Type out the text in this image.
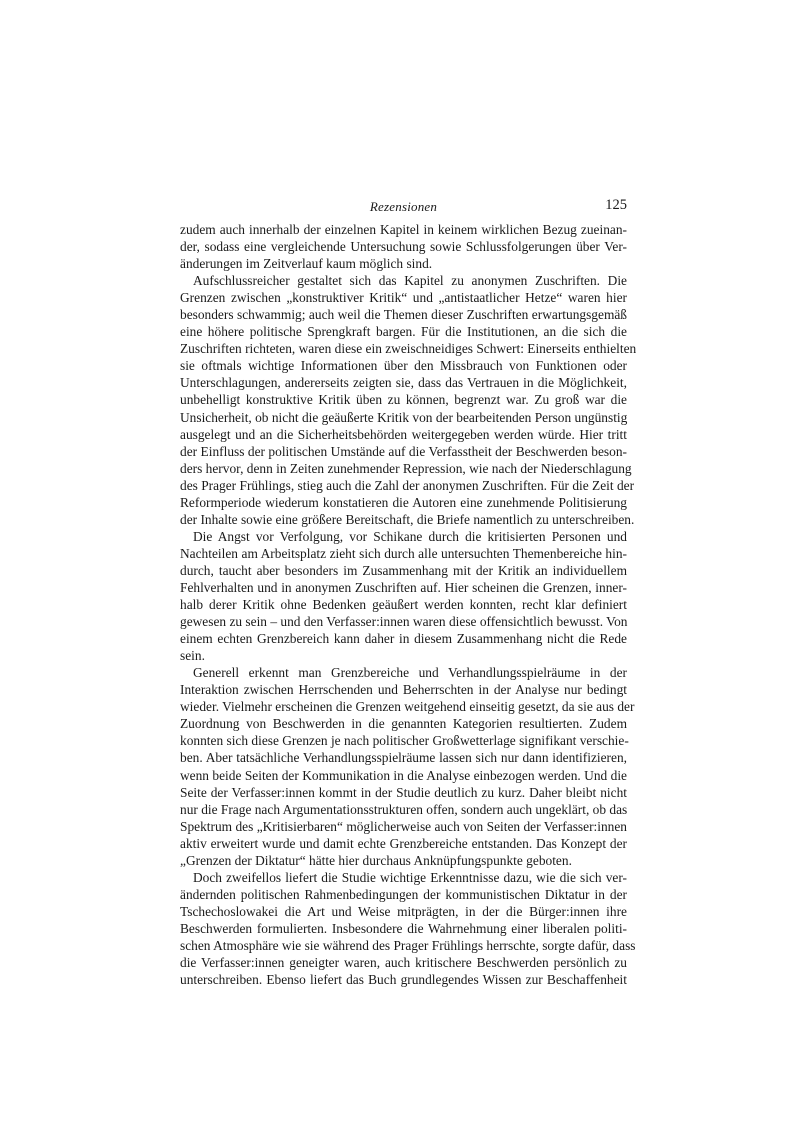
Rezensionen	125
zudem auch innerhalb der einzelnen Kapitel in keinem wirklichen Bezug zueinan-
der, sodass eine vergleichende Untersuchung sowie Schlussfolgerungen über Ver-
änderungen im Zeitverlauf kaum möglich sind.
Aufschlussreicher gestaltet sich das Kapitel zu anonymen Zuschriften. Die
Grenzen zwischen „konstruktiver Kritik“ und „antistaatlicher Hetze“ waren hier
besonders schwammig; auch weil die Themen dieser Zuschriften erwartungsgemäß
eine höhere politische Sprengkraft bargen. Für die Institutionen, an die sich die
Zuschriften richteten, waren diese ein zweischneidiges Schwert: Einerseits enthielten
sie oftmals wichtige Informationen über den Missbrauch von Funktionen oder
Unterschlagungen, andererseits zeigten sie, dass das Vertrauen in die Möglichkeit,
unbehelligt konstruktive Kritik üben zu können, begrenzt war. Zu groß war die
Unsicherheit, ob nicht die geäußerte Kritik von der bearbeitenden Person ungünstig
ausgelegt und an die Sicherheitsbehörden weitergegeben werden würde. Hier tritt
der Einfluss der politischen Umstände auf die Verfasstheit der Beschwerden beson-
ders hervor, denn in Zeiten zunehmender Repression, wie nach der Niederschlagung
des Prager Frühlings, stieg auch die Zahl der anonymen Zuschriften. Für die Zeit der
Reformperiode wiederum konstatieren die Autoren eine zunehmende Politisierung
der Inhalte sowie eine größere Bereitschaft, die Briefe namentlich zu unterschreiben.
Die Angst vor Verfolgung, vor Schikane durch die kritisierten Personen und
Nachteilen am Arbeitsplatz zieht sich durch alle untersuchten Themenbereiche hin-
durch, taucht aber besonders im Zusammenhang mit der Kritik an individuellem
Fehlverhalten und in anonymen Zuschriften auf. Hier scheinen die Grenzen, inner-
halb derer Kritik ohne Bedenken geäußert werden konnten, recht klar definiert
gewesen zu sein – und den Verfasser:innen waren diese offensichtlich bewusst. Von
einem echten Grenzbereich kann daher in diesem Zusammenhang nicht die Rede
sein.
Generell erkennt man Grenzbereiche und Verhandlungsspielräume in der
Interaktion zwischen Herrschenden und Beherrschten in der Analyse nur bedingt
wieder. Vielmehr erscheinen die Grenzen weitgehend einseitig gesetzt, da sie aus der
Zuordnung von Beschwerden in die genannten Kategorien resultierten. Zudem
konnten sich diese Grenzen je nach politischer Großwetterlage signifikant verschie-
ben. Aber tatsächliche Verhandlungsspielräume lassen sich nur dann identifizieren,
wenn beide Seiten der Kommunikation in die Analyse einbezogen werden. Und die
Seite der Verfasser:innen kommt in der Studie deutlich zu kurz. Daher bleibt nicht
nur die Frage nach Argumentationsstrukturen offen, sondern auch ungeklärt, ob das
Spektrum des „Kritisierbaren“ möglicherweise auch von Seiten der Verfasser:innen
aktiv erweitert wurde und damit echte Grenzbereiche entstanden. Das Konzept der
„Grenzen der Diktatur“ hätte hier durchaus Anknüpfungspunkte geboten.
Doch zweifellos liefert die Studie wichtige Erkenntnisse dazu, wie die sich ver-
ändernden politischen Rahmenbedingungen der kommunistischen Diktatur in der
Tschechoslowakei die Art und Weise mitprägten, in der die Bürger:innen ihre
Beschwerden formulierten. Insbesondere die Wahrnehmung einer liberalen politi-
schen Atmosphäre wie sie während des Prager Frühlings herrschte, sorgte dafür, dass
die Verfasser:innen geneigter waren, auch kritischere Beschwerden persönlich zu
unterschreiben. Ebenso liefert das Buch grundlegendes Wissen zur Beschaffenheit
